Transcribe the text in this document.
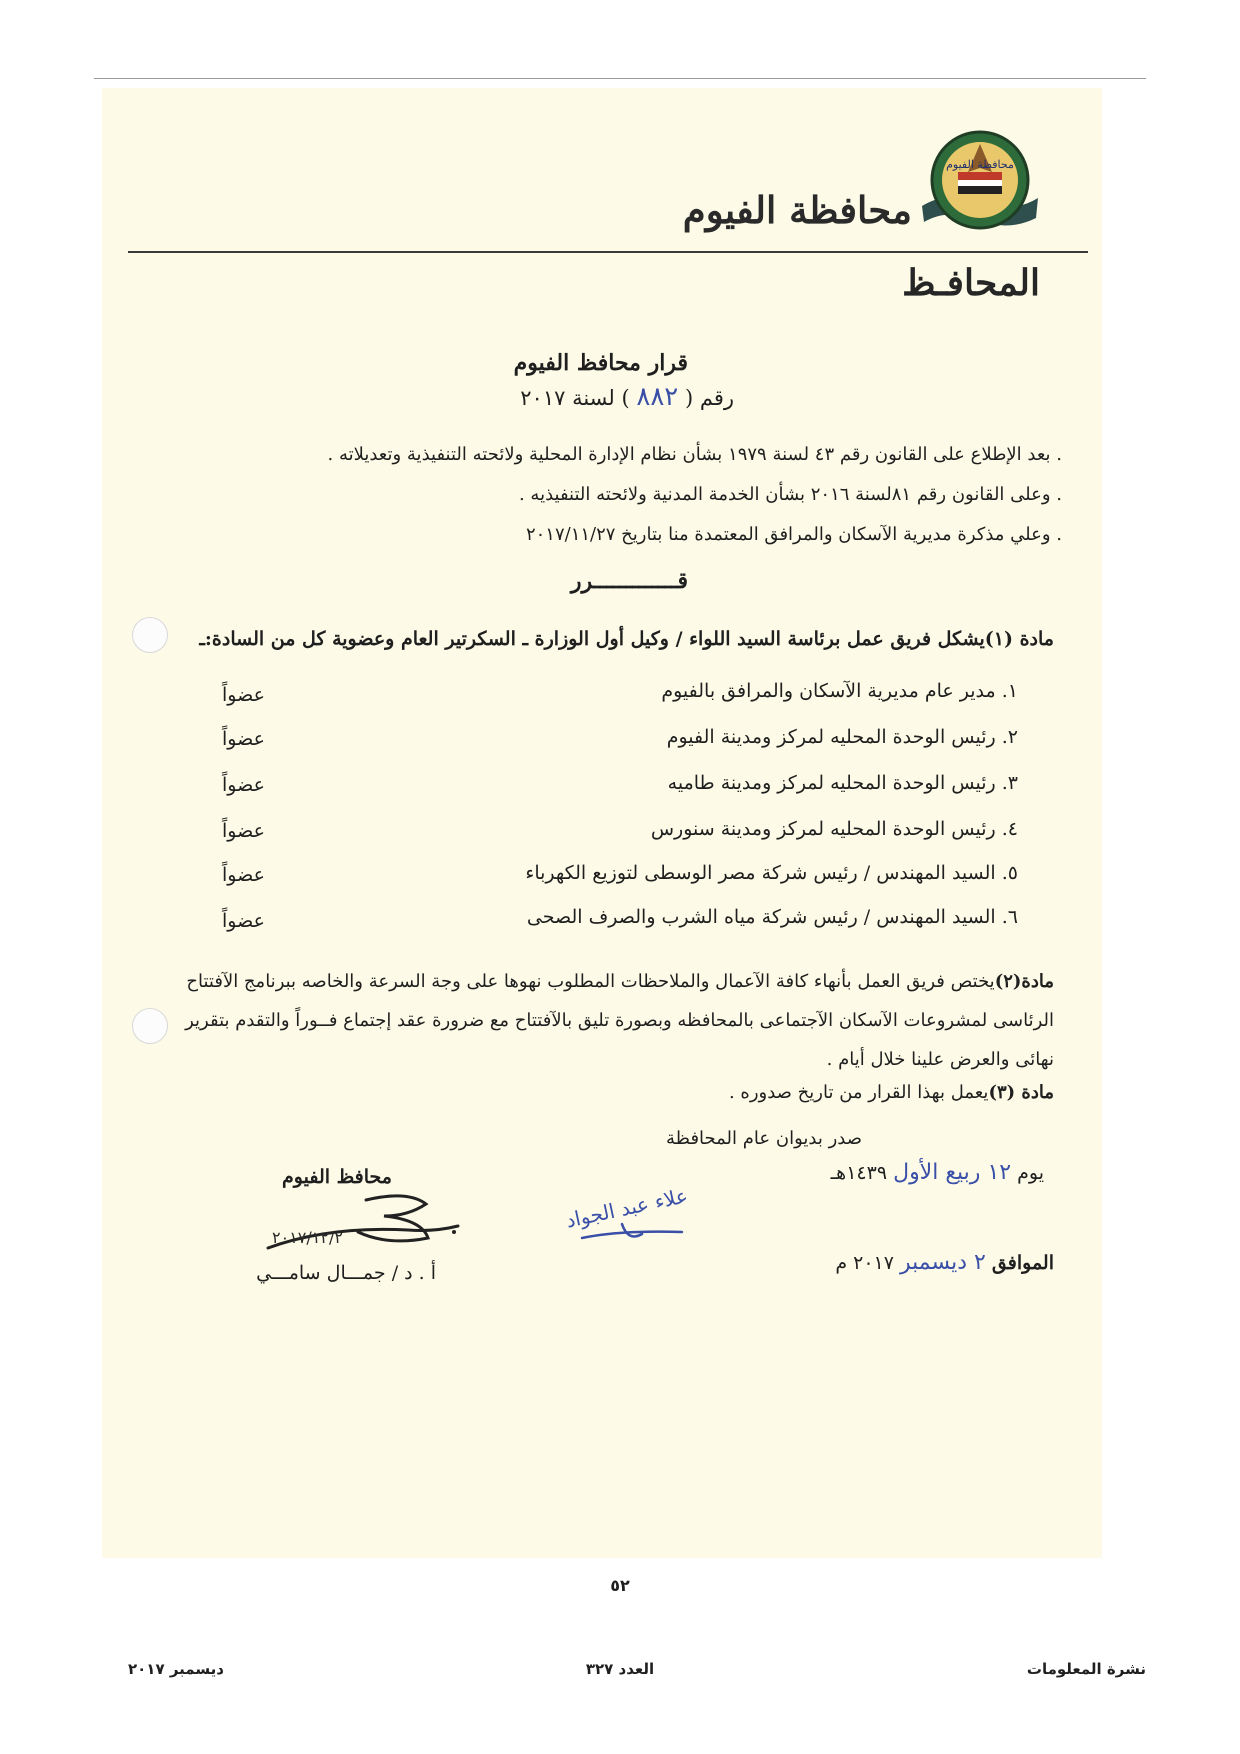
محافظة الفيوم
محافظة الفيوم
المحافـظ
قرار محافظ الفيوم
رقم ( ٨٨٢ ) لسنة ٢٠١٧
. بعد الإطلاع على القانون رقم ٤٣ لسنة ١٩٧٩ بشأن نظام الإدارة المحلية ولائحته التنفيذية وتعديلاته .
. وعلى القانون رقم ٨١لسنة ٢٠١٦ بشأن الخدمة المدنية ولائحته التنفيذيه .
. وعلي مذكرة مديرية الآسكان والمرافق المعتمدة منا بتاريخ ٢٠١٧/١١/٢٧
قـــــــــــــرر
مادة (١)يشكل فريق عمل برئاسة السيد اللواء / وكيل أول الوزارة ـ السكرتير العام وعضوية كل من السادة:ـ
١. مدير عام مديرية الآسكان والمرافق بالفيوم
عضواً
٢. رئيس الوحدة المحليه لمركز ومدينة الفيوم
عضواً
٣. رئيس الوحدة المحليه لمركز ومدينة طاميه
عضواً
٤. رئيس الوحدة المحليه لمركز ومدينة سنورس
عضواً
٥. السيد المهندس / رئيس شركة مصر الوسطى لتوزيع الكهرباء
عضواً
٦. السيد المهندس / رئيس شركة مياه الشرب والصرف الصحى
عضواً
مادة(٢)يختص فريق العمل بأنهاء كافة الآعمال والملاحظات المطلوب نهوها على وجة السرعة والخاصه ببرنامج الآفتتاح الرئاسى لمشروعات الآسكان الآجتماعى بالمحافظه وبصورة تليق بالآفتتاح مع ضرورة عقد إجتماع فــوراً والتقدم بتقرير نهائى والعرض علينا خلال أيام .
مادة (٣)يعمل بهذا القرار من تاريخ صدوره .
صدر بديوان عام المحافظة
يوم ١٢ ربيع الأول ١٤٣٩هـ
الموافق ٢ ديسمبر ٢٠١٧ م
محافظ الفيوم
٢٠١٧/١٢/٢
أ . د / جمـــال سامـــي
علاء عبد الجواد
٥٢
ديسمبر ٢٠١٧	العدد ٣٢٧	نشرة المعلومات
